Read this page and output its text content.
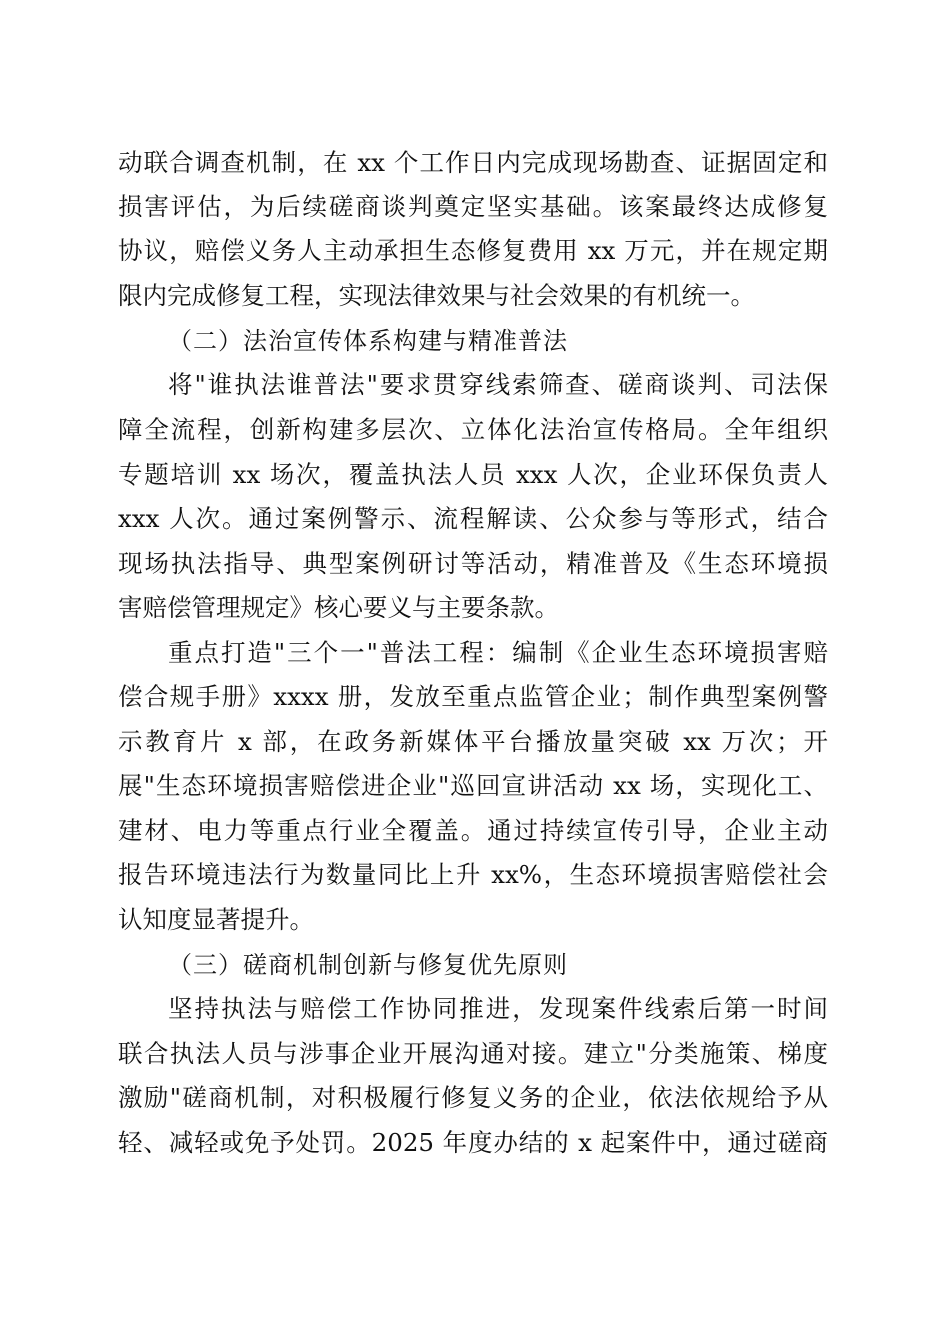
动联合调查机制，在 xx 个工作日内完成现场勘查、证据固定和
损害评估，为后续磋商谈判奠定坚实基础。该案最终达成修复
协议，赔偿义务人主动承担生态修复费用 xx 万元，并在规定期
限内完成修复工程，实现法律效果与社会效果的有机统一。
（二）法治宣传体系构建与精准普法
将"谁执法谁普法"要求贯穿线索筛查、磋商谈判、司法保
障全流程，创新构建多层次、立体化法治宣传格局。全年组织
专题培训 xx 场次，覆盖执法人员 xxx 人次，企业环保负责人
xxx 人次。通过案例警示、流程解读、公众参与等形式，结合
现场执法指导、典型案例研讨等活动，精准普及《生态环境损
害赔偿管理规定》核心要义与主要条款。
重点打造"三个一"普法工程：编制《企业生态环境损害赔
偿合规手册》xxxx 册，发放至重点监管企业；制作典型案例警
示教育片 x 部，在政务新媒体平台播放量突破 xx 万次；开
展"生态环境损害赔偿进企业"巡回宣讲活动 xx 场，实现化工、
建材、电力等重点行业全覆盖。通过持续宣传引导，企业主动
报告环境违法行为数量同比上升 xx%，生态环境损害赔偿社会
认知度显著提升。
（三）磋商机制创新与修复优先原则
坚持执法与赔偿工作协同推进，发现案件线索后第一时间
联合执法人员与涉事企业开展沟通对接。建立"分类施策、梯度
激励"磋商机制，对积极履行修复义务的企业，依法依规给予从
轻、减轻或免予处罚。2025 年度办结的 x 起案件中，通过磋商
